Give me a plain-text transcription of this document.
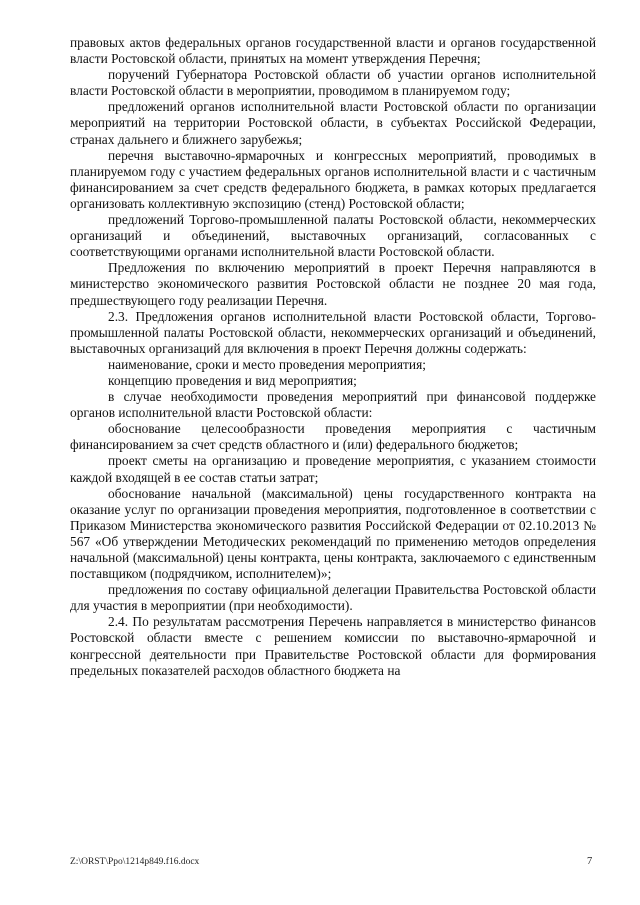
правовых актов федеральных органов государственной власти и органов государственной власти Ростовской области, принятых на момент утверждения Перечня;

поручений Губернатора Ростовской области об участии органов исполнительной власти Ростовской области в мероприятии, проводимом в планируемом году;

предложений органов исполнительной власти Ростовской области по организации мероприятий на территории Ростовской области, в субъектах Российской Федерации, странах дальнего и ближнего зарубежья;

перечня выставочно-ярмарочных и конгрессных мероприятий, проводимых в планируемом году с участием федеральных органов исполнительной власти и с частичным финансированием за счет средств федерального бюджета, в рамках которых предлагается организовать коллективную экспозицию (стенд) Ростовской области;

предложений Торгово-промышленной палаты Ростовской области, некоммерческих организаций и объединений, выставочных организаций, согласованных с соответствующими органами исполнительной власти Ростовской области.

Предложения по включению мероприятий в проект Перечня направляются в министерство экономического развития Ростовской области не позднее 20 мая года, предшествующего году реализации Перечня.

2.3. Предложения органов исполнительной власти Ростовской области, Торгово-промышленной палаты Ростовской области, некоммерческих организаций и объединений, выставочных организаций для включения в проект Перечня должны содержать:

наименование, сроки и место проведения мероприятия;

концепцию проведения и вид мероприятия;

в случае необходимости проведения мероприятий при финансовой поддержке органов исполнительной власти Ростовской области:

обоснование целесообразности проведения мероприятия с частичным финансированием за счет средств областного и (или) федерального бюджетов;

проект сметы на организацию и проведение мероприятия, с указанием стоимости каждой входящей в ее состав статьи затрат;

обоснование начальной (максимальной) цены государственного контракта на оказание услуг по организации проведения мероприятия, подготовленное в соответствии с Приказом Министерства экономического развития Российской Федерации от 02.10.2013 № 567 «Об утверждении Методических рекомендаций по применению методов определения начальной (максимальной) цены контракта, цены контракта, заключаемого с единственным поставщиком (подрядчиком, исполнителем)»;

предложения по составу официальной делегации Правительства Ростовской области для участия в мероприятии (при необходимости).

2.4. По результатам рассмотрения Перечень направляется в министерство финансов Ростовской области вместе с решением комиссии по выставочно-ярмарочной и конгрессной деятельности при Правительстве Ростовской области для формирования предельных показателей расходов областного бюджета на

Z:\ORST\Ppo\1214p849.f16.docx	7
